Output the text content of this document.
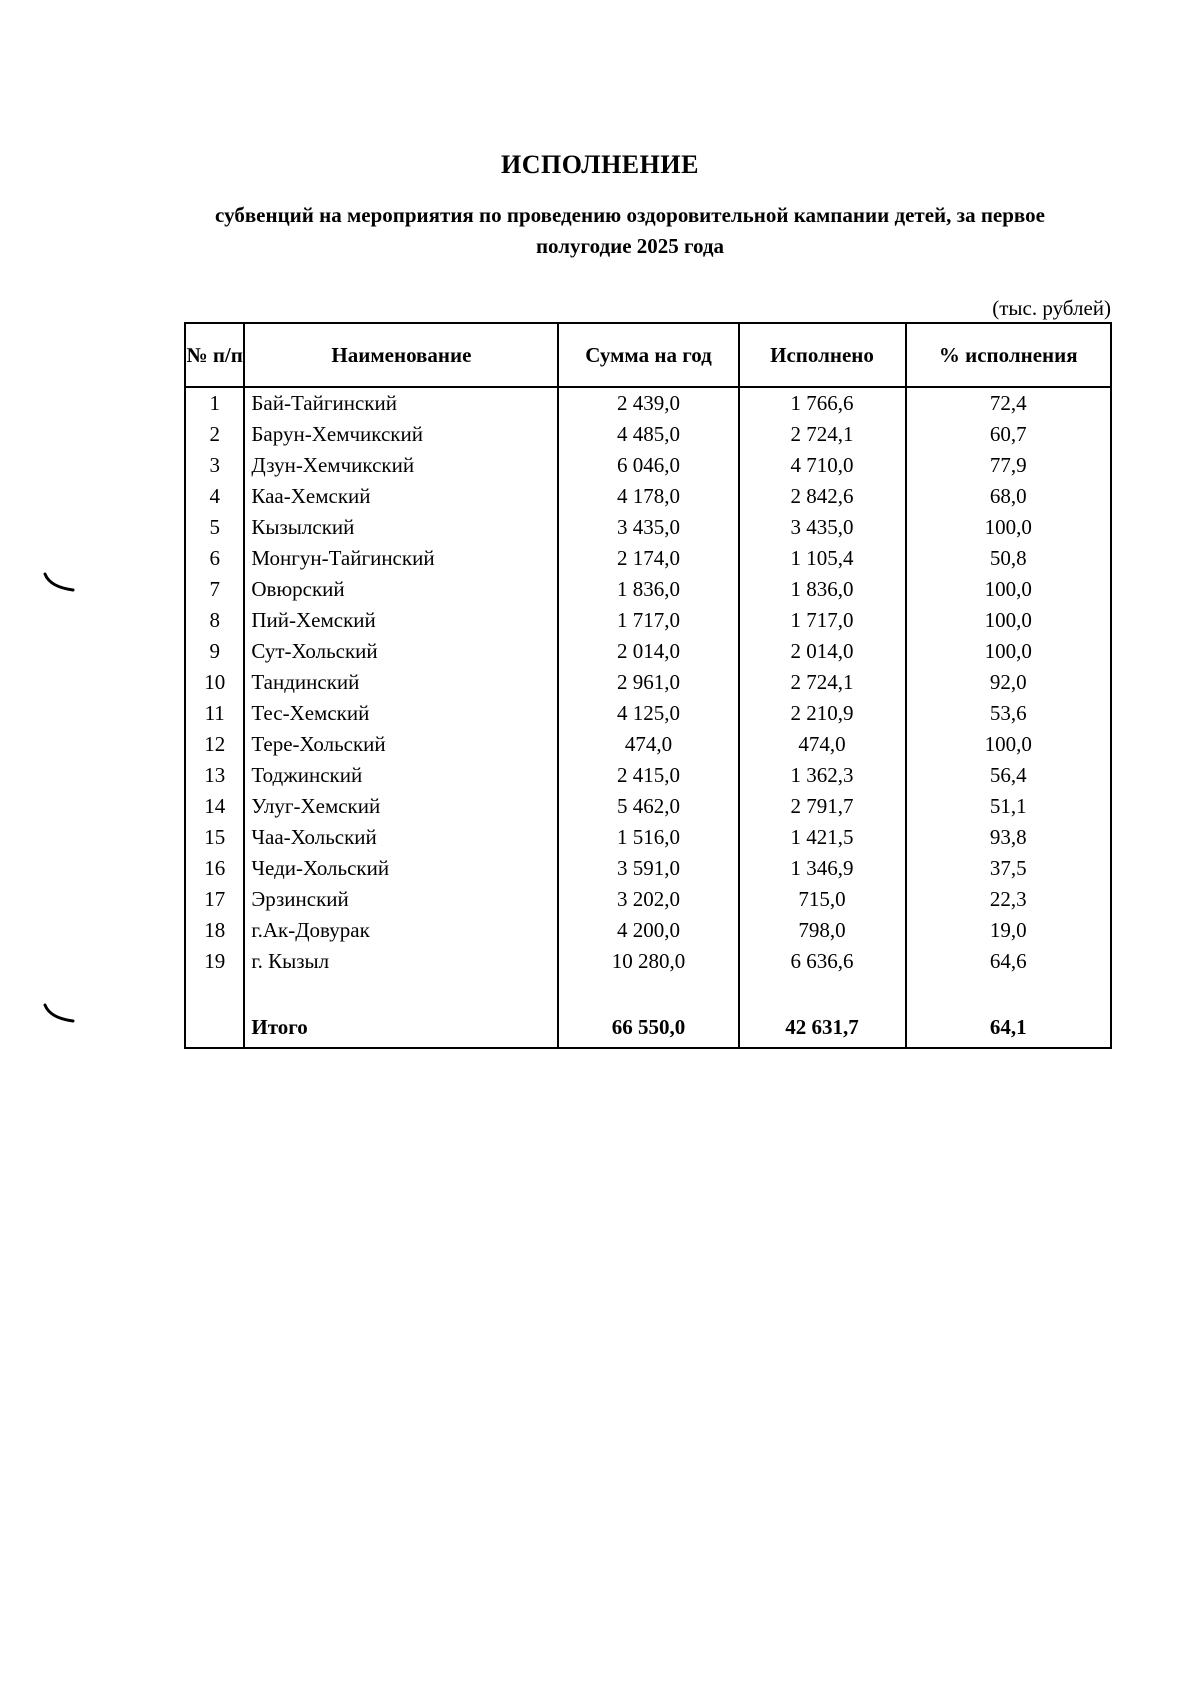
ИСПОЛНЕНИЕ
субвенций на мероприятия по проведению оздоровительной кампании детей, за первое полугодие 2025 года
(тыс. рублей)
№ п/п	Наименование	Сумма на год	Исполнено	% исполнения
1	Бай-Тайгинский	2 439,0	1 766,6	72,4
2	Барун-Хемчикский	4 485,0	2 724,1	60,7
3	Дзун-Хемчикский	6 046,0	4 710,0	77,9
4	Каа-Хемский	4 178,0	2 842,6	68,0
5	Кызылский	3 435,0	3 435,0	100,0
6	Монгун-Тайгинский	2 174,0	1 105,4	50,8
7	Овюрский	1 836,0	1 836,0	100,0
8	Пий-Хемский	1 717,0	1 717,0	100,0
9	Сут-Хольский	2 014,0	2 014,0	100,0
10	Тандинский	2 961,0	2 724,1	92,0
11	Тес-Хемский	4 125,0	2 210,9	53,6
12	Тере-Хольский	474,0	474,0	100,0
13	Тоджинский	2 415,0	1 362,3	56,4
14	Улуг-Хемский	5 462,0	2 791,7	51,1
15	Чаа-Хольский	1 516,0	1 421,5	93,8
16	Чеди-Хольский	3 591,0	1 346,9	37,5
17	Эрзинский	3 202,0	715,0	22,3
18	г.Ак-Довурак	4 200,0	798,0	19,0
19	г. Кызыл	10 280,0	6 636,6	64,6

	Итого	66 550,0	42 631,7	64,1
